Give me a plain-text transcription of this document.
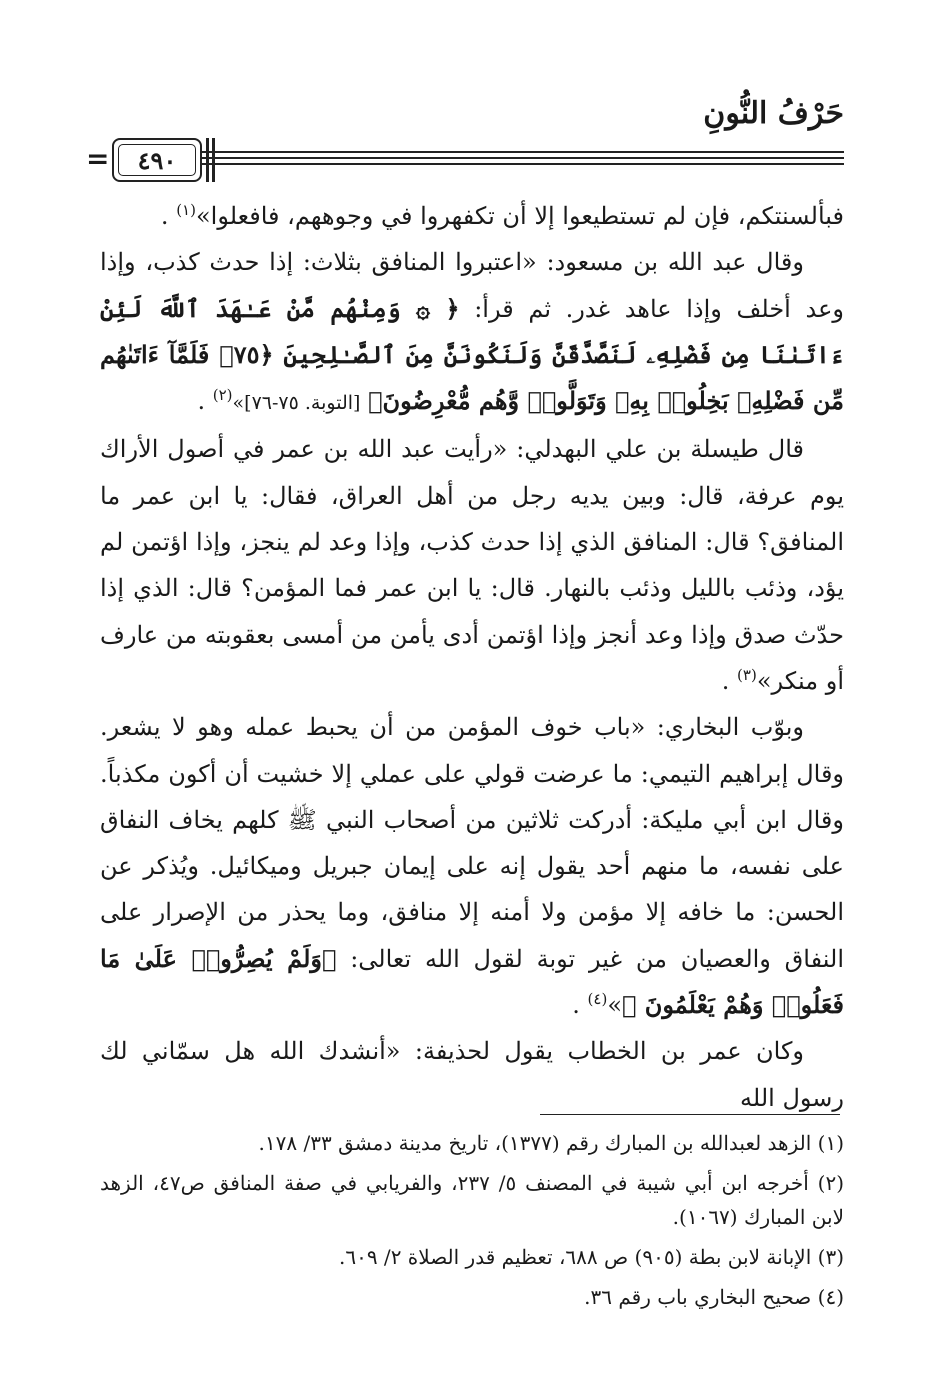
حَرْفُ النُّونِ
=	٤٩٠

فبألسنتكم، فإن لم تستطيعوا إلا أن تكفهروا في وجوههم، فافعلوا»$^{(١)}$ .

وقال عبد الله بن مسعود: «اعتبروا المنافق بثلاث: إذا حدث كذب، وإذا وعد أخلف وإذا عاهد غدر. ثم قرأ: ﴿ ۞ وَمِنْهُم مَّنْ عَـٰهَدَ ٱللَّهَ لَئِنْ ءَاتَىٰنَا مِن فَضْلِهِۦ لَنَصَّدَّقَنَّ وَلَنَكُونَنَّ مِنَ ٱلصَّـٰلِحِينَ ﴿٧٥﴾ فَلَمَّآ ءَاتَىٰهُم مِّن فَضْلِهِۦ بَخِلُوا۟ بِهِۦ وَتَوَلَّوا۟ وَّهُم مُّعْرِضُونَ﴾ [التوبة. ٧٥-٧٦]»$^{(٢)}$ .

قال طيسلة بن علي البهدلي: «رأيت عبد الله بن عمر في أصول الأراك يوم عرفة، قال: وبين يديه رجل من أهل العراق، فقال: يا ابن عمر ما المنافق؟ قال: المنافق الذي إذا حدث كذب، وإذا وعد لم ينجز، وإذا اؤتمن لم يؤد، وذئب بالليل وذئب بالنهار. قال: يا ابن عمر فما المؤمن؟ قال: الذي إذا حدّث صدق وإذا وعد أنجز وإذا اؤتمن أدى يأمن من أمسى بعقوبته من عارف أو منكر»$^{(٣)}$ .

وبوّب البخاري: «باب خوف المؤمن من أن يحبط عمله وهو لا يشعر. وقال إبراهيم التيمي: ما عرضت قولي على عملي إلا خشيت أن أكون مكذباً. وقال ابن أبي مليكة: أدركت ثلاثين من أصحاب النبي ﷺ كلهم يخاف النفاق على نفسه، ما منهم أحد يقول إنه على إيمان جبريل وميكائيل. ويُذكر عن الحسن: ما خافه إلا مؤمن ولا أمنه إلا منافق، وما يحذر من الإصرار على النفاق والعصيان من غير توبة لقول الله تعالى: ﴿وَلَمْ يُصِرُّوا۟ عَلَىٰ مَا فَعَلُوا۟ وَهُمْ يَعْلَمُونَ ﴾»$^{(٤)}$ .

وكان عمر بن الخطاب يقول لحذيفة: «أنشدك الله هل سمّاني لك رسول الله

(١) الزهد لعبدالله بن المبارك رقم (١٣٧٧)، تاريخ مدينة دمشق ٣٣/ ١٧٨.

(٢) أخرجه ابن أبي شيبة في المصنف ٥/ ٢٣٧، والفريابي في صفة المنافق ص٤٧، الزهد لابن المبارك (١٠٦٧).

(٣) الإبانة لابن بطة (٩٠٥) ص ٦٨٨، تعظيم قدر الصلاة ٢/ ٦٠٩.

(٤) صحيح البخاري باب رقم ٣٦.
